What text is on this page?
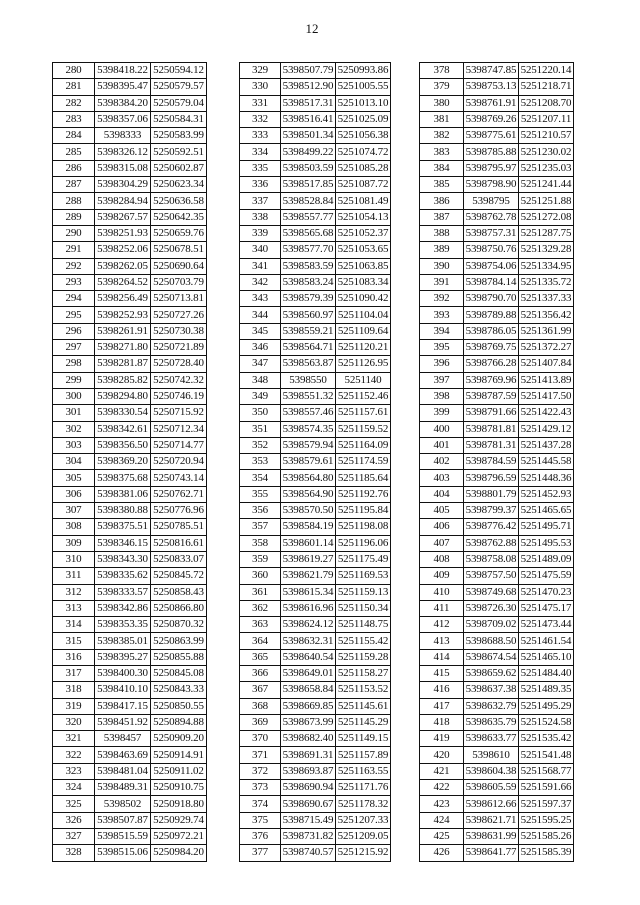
12
280	5398418.22	5250594.12
281	5398395.47	5250579.57
282	5398384.20	5250579.04
283	5398357.06	5250584.31
284	5398333	5250583.99
285	5398326.12	5250592.51
286	5398315.08	5250602.87
287	5398304.29	5250623.34
288	5398284.94	5250636.58
289	5398267.57	5250642.35
290	5398251.93	5250659.76
291	5398252.06	5250678.51
292	5398262.05	5250690.64
293	5398264.52	5250703.79
294	5398256.49	5250713.81
295	5398252.93	5250727.26
296	5398261.91	5250730.38
297	5398271.80	5250721.89
298	5398281.87	5250728.40
299	5398285.82	5250742.32
300	5398294.80	5250746.19
301	5398330.54	5250715.92
302	5398342.61	5250712.34
303	5398356.50	5250714.77
304	5398369.20	5250720.94
305	5398375.68	5250743.14
306	5398381.06	5250762.71
307	5398380.88	5250776.96
308	5398375.51	5250785.51
309	5398346.15	5250816.61
310	5398343.30	5250833.07
311	5398335.62	5250845.72
312	5398333.57	5250858.43
313	5398342.86	5250866.80
314	5398353.35	5250870.32
315	5398385.01	5250863.99
316	5398395.27	5250855.88
317	5398400.30	5250845.08
318	5398410.10	5250843.33
319	5398417.15	5250850.55
320	5398451.92	5250894.88
321	5398457	5250909.20
322	5398463.69	5250914.91
323	5398481.04	5250911.02
324	5398489.31	5250910.75
325	5398502	5250918.80
326	5398507.87	5250929.74
327	5398515.59	5250972.21
328	5398515.06	5250984.20
329	5398507.79	5250993.86
330	5398512.90	5251005.55
331	5398517.31	5251013.10
332	5398516.41	5251025.09
333	5398501.34	5251056.38
334	5398499.22	5251074.72
335	5398503.59	5251085.28
336	5398517.85	5251087.72
337	5398528.84	5251081.49
338	5398557.77	5251054.13
339	5398565.68	5251052.37
340	5398577.70	5251053.65
341	5398583.59	5251063.85
342	5398583.24	5251083.34
343	5398579.39	5251090.42
344	5398560.97	5251104.04
345	5398559.21	5251109.64
346	5398564.71	5251120.21
347	5398563.87	5251126.95
348	5398550	5251140
349	5398551.32	5251152.46
350	5398557.46	5251157.61
351	5398574.35	5251159.52
352	5398579.94	5251164.09
353	5398579.61	5251174.59
354	5398564.80	5251185.64
355	5398564.90	5251192.76
356	5398570.50	5251195.84
357	5398584.19	5251198.08
358	5398601.14	5251196.06
359	5398619.27	5251175.49
360	5398621.79	5251169.53
361	5398615.34	5251159.13
362	5398616.96	5251150.34
363	5398624.12	5251148.75
364	5398632.31	5251155.42
365	5398640.54	5251159.28
366	5398649.01	5251158.27
367	5398658.84	5251153.52
368	5398669.85	5251145.61
369	5398673.99	5251145.29
370	5398682.40	5251149.15
371	5398691.31	5251157.89
372	5398693.87	5251163.55
373	5398690.94	5251171.76
374	5398690.67	5251178.32
375	5398715.49	5251207.33
376	5398731.82	5251209.05
377	5398740.57	5251215.92
378	5398747.85	5251220.14
379	5398753.13	5251218.71
380	5398761.91	5251208.70
381	5398769.26	5251207.11
382	5398775.61	5251210.57
383	5398785.88	5251230.02
384	5398795.97	5251235.03
385	5398798.90	5251241.44
386	5398795	5251251.88
387	5398762.78	5251272.08
388	5398757.31	5251287.75
389	5398750.76	5251329.28
390	5398754.06	5251334.95
391	5398784.14	5251335.72
392	5398790.70	5251337.33
393	5398789.88	5251356.42
394	5398786.05	5251361.99
395	5398769.75	5251372.27
396	5398766.28	5251407.84
397	5398769.96	5251413.89
398	5398787.59	5251417.50
399	5398791.66	5251422.43
400	5398781.81	5251429.12
401	5398781.31	5251437.28
402	5398784.59	5251445.58
403	5398796.59	5251448.36
404	5398801.79	5251452.93
405	5398799.37	5251465.65
406	5398776.42	5251495.71
407	5398762.88	5251495.53
408	5398758.08	5251489.09
409	5398757.50	5251475.59
410	5398749.68	5251470.23
411	5398726.30	5251475.17
412	5398709.02	5251473.44
413	5398688.50	5251461.54
414	5398674.54	5251465.10
415	5398659.62	5251484.40
416	5398637.38	5251489.35
417	5398632.79	5251495.29
418	5398635.79	5251524.58
419	5398633.77	5251535.42
420	5398610	5251541.48
421	5398604.38	5251568.77
422	5398605.59	5251591.66
423	5398612.66	5251597.37
424	5398621.71	5251595.25
425	5398631.99	5251585.26
426	5398641.77	5251585.39
